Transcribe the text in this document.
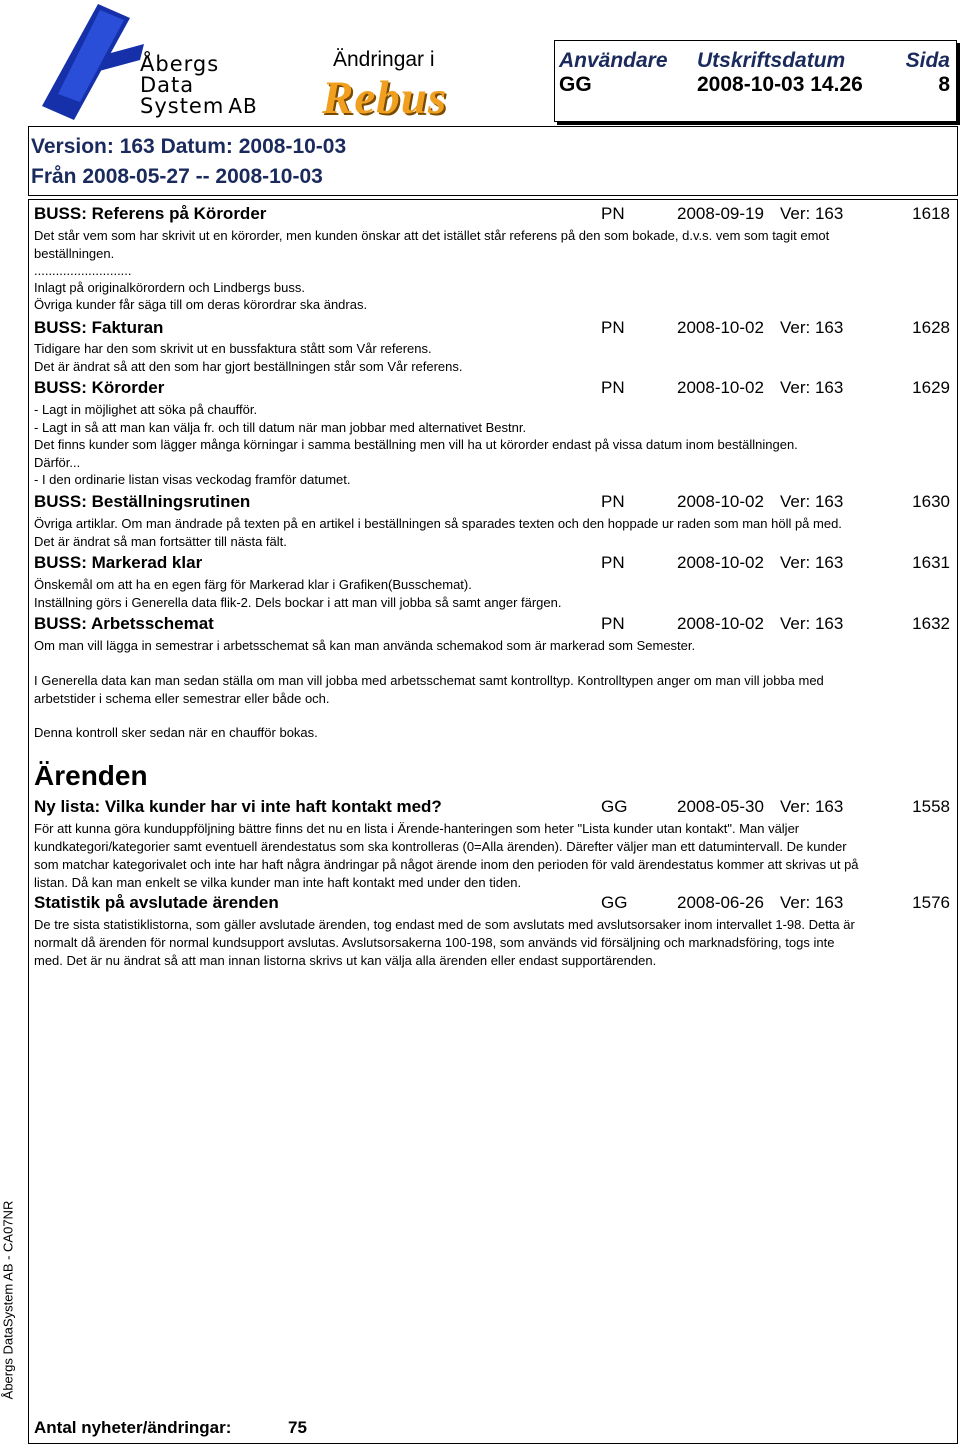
Åbergs
Data
System AB
Ändringar i
Rebus
Användare Utskriftsdatum	Sida
GG	2008-10-03 14.26	8
Version: 163 Datum: 2008-10-03
Från 2008-05-27 -- 2008-10-03
BUSS: Referens på Körorder	PN	2008-09-19 Ver: 163	1618
Det står vem som har skrivit ut en körorder, men kunden önskar att det istället står referens på den som bokade, d.v.s. vem som tagit emot
beställningen.
...........................
Inlagt på originalkörordern och Lindbergs buss.
Övriga kunder får säga till om deras körordrar ska ändras.
BUSS: Fakturan	PN	2008-10-02 Ver: 163	1628
Tidigare har den som skrivit ut en bussfaktura stått som Vår referens.
Det är ändrat så att den som har gjort beställningen står som Vår referens.
BUSS: Körorder	PN	2008-10-02 Ver: 163	1629
- Lagt in möjlighet att söka på chaufför.
- Lagt in så att man kan välja fr. och till datum när man jobbar med alternativet Bestnr.
Det finns kunder som lägger många körningar i samma beställning men vill ha ut körorder endast på vissa datum inom beställningen.
Därför...
- I den ordinarie listan visas veckodag framför datumet.
BUSS: Beställningsrutinen	PN	2008-10-02 Ver: 163	1630
Övriga artiklar. Om man ändrade på texten på en artikel i beställningen så sparades texten och den hoppade ur raden som man höll på med.
Det är ändrat så man fortsätter till nästa fält.
BUSS: Markerad klar	PN	2008-10-02 Ver: 163	1631
Önskemål om att ha en egen färg för Markerad klar i Grafiken(Busschemat).
Inställning görs i Generella data flik-2. Dels bockar i att man vill jobba så samt anger färgen.
BUSS: Arbetsschemat	PN	2008-10-02 Ver: 163	1632
Om man vill lägga in semestrar i arbetsschemat så kan man använda schemakod som är markerad som Semester.
I Generella data kan man sedan ställa om man vill jobba med arbetsschemat samt kontrolltyp. Kontrolltypen anger om man vill jobba med
arbetstider i schema eller semestrar eller både och.
Denna kontroll sker sedan när en chaufför bokas.
Ärenden
Ny lista: Vilka kunder har vi inte haft kontakt med?	GG	2008-05-30 Ver: 163	1558
För att kunna göra kunduppföljning bättre finns det nu en lista i Ärende-hanteringen som heter "Lista kunder utan kontakt". Man väljer
kundkategori/kategorier samt eventuell ärendestatus som ska kontrolleras (0=Alla ärenden). Därefter väljer man ett datumintervall. De kunder
som matchar kategorivalet och inte har haft några ändringar på något ärende inom den perioden för vald ärendestatus kommer att skrivas ut på
listan. Då kan man enkelt se vilka kunder man inte haft kontakt med under den tiden.
Statistik på avslutade ärenden	GG	2008-06-26 Ver: 163	1576
De tre sista statistiklistorna, som gäller avslutade ärenden, tog endast med de som avslutats med avslutsorsaker inom intervallet 1-98. Detta är
normalt då ärenden för normal kundsupport avslutas. Avslutsorsakerna 100-198, som används vid försäljning och marknadsföring, togs inte
med. Det är nu ändrat så att man innan listorna skrivs ut kan välja alla ärenden eller endast supportärenden.
Åbergs DataSystem AB - CA07NR
Antal nyheter/ändringar:	75
